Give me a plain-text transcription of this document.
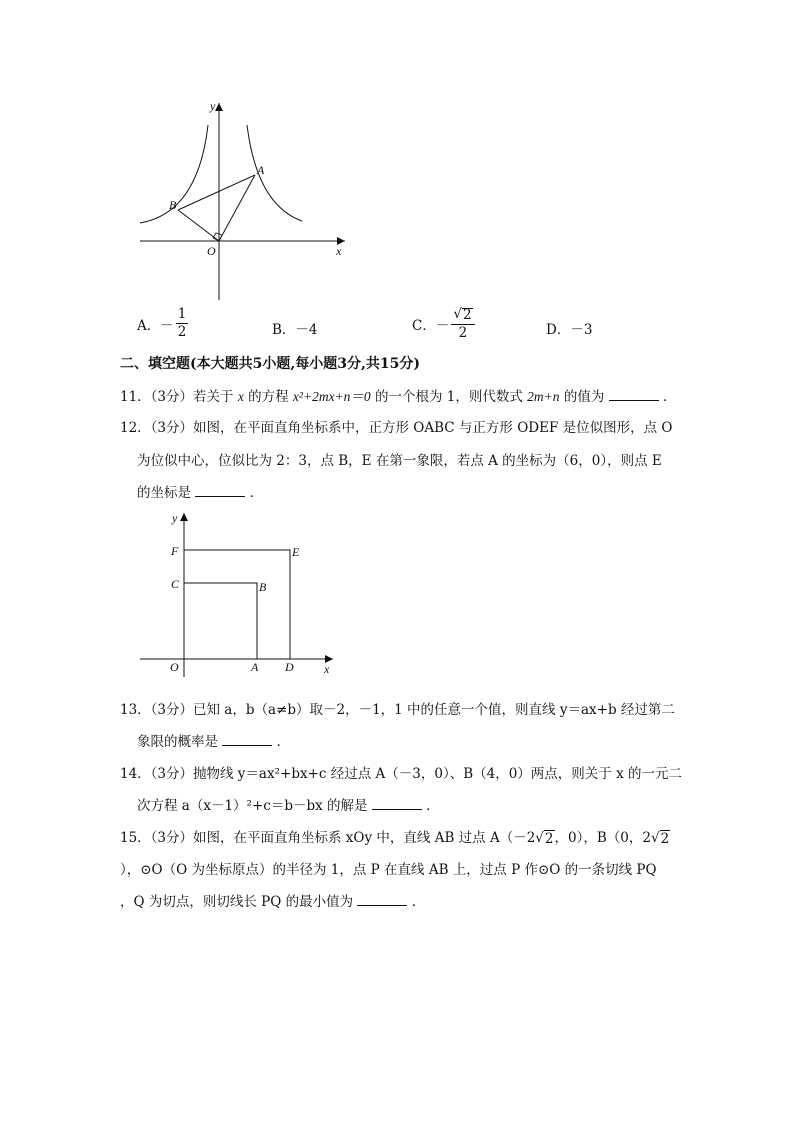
y
x
O
A
B
A． － $\frac{1}{2}$	B． －4	C． － $\frac{√ 2}{2}$	D． －3
二、填空题(本大题共5小题,每小题3分,共15分)
11．（3分）若关于 x 的方程 x²+2mx+n＝0 的一个根为 1，则代数式 2m+n 的值为	．
12．（3分）如图，在平面直角坐标系中，正方形 OABC 与正方形 ODEF 是位似图形，点 O
为位似中心，位似比为 2：3，点 B，E 在第一象限，若点 A 的坐标为（6，0），则点 E
的坐标是	．
y
x
O	A D
C	B
F	E
13．（3分）已知 a，b（a≠b）取－2，－1，1 中的任意一个值，则直线 y＝ax+b 经过第二
象限的概率是	．
14．（3分）抛物线 y＝ax²+bx+c 经过点 A（－3，0）、B（4，0）两点，则关于 x 的一元二
次方程 a（x－1）²+c＝b－bx 的解是	．
15．（3分）如图，在平面直角坐标系 xOy 中，直线 AB 过点 A（－2√ 2 ，0），B（0，2√ 2
），⊙O（O 为坐标原点）的半径为 1，点 P 在直线 AB 上，过点 P 作⊙O 的一条切线 PQ
，Q 为切点，则切线长 PQ 的最小值为	．
